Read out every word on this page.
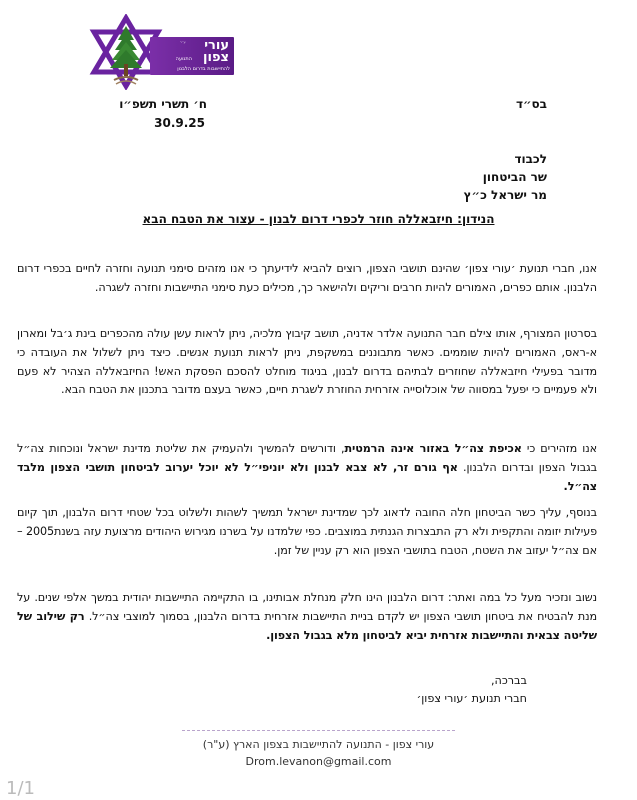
ע״ר עורי
צפון
התנועה
להתיישבות בדרום הלבנון
בס״ד
ח׳ תשרי תשפ״ו
30.9.25
לכבוד
שר הביטחון
מר ישראל כ״ץ
הנידון: חיזבאללה חוזר לכפרי דרום לבנון - עצור את הטבח הבא
אנו, חברי תנועת ׳עורי צפון׳ שהינם תושבי הצפון, רוצים להביא לידיעתך כי אנו מזהים סימני תנועה וחזרה לחיים בכפרי דרום הלבנון. אותם כפרים, האמורים להיות חרבים וריקים ולהישאר כך, מכילים כעת סימני התיישבות וחזרה לשגרה.
בסרטון המצורף, אותו צילם חבר התנועה אלדר אדניה, תושב קיבוץ מלכיה, ניתן לראות עשן עולה מהכפרים בינת ג׳בל ומארון א-ראס, האמורים להיות שוממים. כאשר מתבוננים במשקפת, ניתן לראות תנועת אנשים. כיצד ניתן לשלול את העובדה כי מדובר בפעילי חיזבאללה שחוזרים לבתיהם בדרום לבנון, בניגוד מוחלט להסכם הפסקת האש! החיזבאללה הצהיר לא פעם ולא פעמיים כי יפעל במסווה של אוכלוסייה אזרחית החוזרת לשגרת חיים, כאשר בעצם מדובר בתכנון את הטבח הבא.
אנו מזהירים כי אכיפת צה״ל באזור אינה הרמטית, ודורשים להמשיך ולהעמיק את שליטת מדינת ישראל ונוכחות צה״ל בגבול הצפון ובדרום הלבנון. אף גורם זר, לא צבא לבנון ולא יוניפי״ל לא יוכל יערוב לביטחון תושבי הצפון מלבד צה״ל.
בנוסף, עליך כשר הביטחון חלה החובה לדאוג לכך שמדינת ישראל תמשיך לשהות ולשלוט בכל שטחי דרום הלבנון, תוך קיום פעילות יזומה והתקפית ולא רק התבצרות הגנתית במוצבים. כפי שלמדנו על בשרנו מגירוש היהודים מרצועת עזה בשנת2005 – אם צה״ל יעזוב את השטח, הטבח בתושבי הצפון הוא רק עניין של זמן.
נשוב ונזכיר מעל כל במה ואתר: דרום הלבנון הינו חלק מנחלת אבותינו, בו התקיימה התיישבות יהודית במשך אלפי שנים. על מנת להבטיח את ביטחון תושבי הצפון יש לקדם בניית התיישבות אזרחית בדרום הלבנון, בסמוך למוצבי צה״ל. רק שילוב של שליטה צבאית והתיישבות אזרחית יביא לביטחון מלא בגבול הצפון.
בברכה,
חברי תנועת ׳עורי צפון׳
עורי צפון - התנועה להתיישבות בצפון הארץ (ע"ר)
Drom.levanon@gmail.com
1/1
